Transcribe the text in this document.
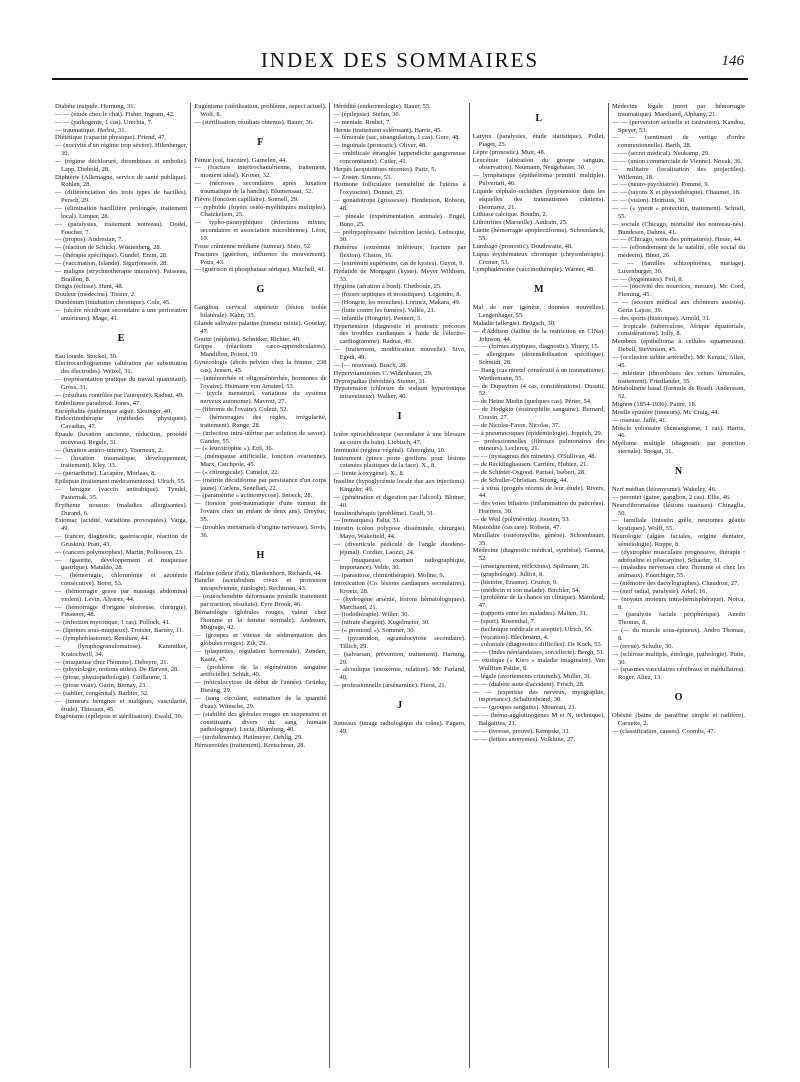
INDEX DES SOMMAIRES	146

Diabète insipide. Hornung, 31.

— — (étude chez le chat). Fisher, Ingram, 42.

— — (pathogénie, 1 cas). Urechia, 7.

— traumatique. Herbst, 31.

Diététique (capacité physique). Friend, 47.

— (nocivité d'un régime trop sévère). Hilenberger, 30.

— (régime déchloruré, thromboses et embolie). Lapp, Diebold, 28.

Diphtérie (Allemagne, service de santé publique). Rohlen, 28.

— (différenciation des trois types de bacilles). Persch, 29.

— (élimination bacillifère prolongée, traitement local). Limper, 28.

— (paralysies, traitement nouveau). Dodel, Foucher, 7.

— (propos). Andresian, 7.

— (réaction de Schick). Wüstenberg, 28.

— (thérapie spécifique). Gundel, Erzin, 28.

— (vaccination, Islande). Sigurjonsson, 28.

— maligne (strychnothérapie intensive). Paisseau, Braillon, 8.

Doigts (éclisse). Hunt, 48.

Douleur (médecine). Tissier, 2.

Duodénum (intubation chronique). Cole, 45.

— (ulcère récidivant secondaire à une perforation antérieure). Mage, 41.

E

Eau lourde. Stockel, 30.

Electrocardiogramme (altération par substitution des électrodes). Weizel, 31.

— (représentation pratique du travail quantitatif). Gross, 31.

— (résultats contrôlés par l'autopsie). Radnai, 49.

Embolisme paradoxal. Jones, 47.

Encéphalite épidémique aiguë. Slesinger, 40.

Endocrinothérapie (méthodes physiques). Cavadias, 47.

Épaule (luxation ancienne, réduction, procédé nouveau). Regele, 31.

— (luxation antéro-interne). Tourneux, 2.

— (luxation traumatique, développement, traitement). Kley, 33.

— (périarthrite). Lacapère, Morlaas, 8.

Épilepsie (traitement médicamenteux). Ulrich, 55.

— bénigne (vaccin antirabique). Tyndel, Pasternak, 35.

Érythème noueux (maladies allergisantes). Durand, 6.

Estomac (acidité, variations provoquées). Varga, 49.

— (cancer, diagnostic, gastroscopie, réaction de Gruskin). Pratt, 43.

— (cancers polymorphes). Martin, Pollosson, 23.

— (gastrite, développement et muqueuse gastrique). Mataldo, 28.

— (hémorragie, chlorurémie et azotémie consécutive). Borst, 53.

— (hémorragie grave par massage abdominal violent). Levin, Alvarez, 44.

— (hémorragie d'origine ulcéreuse, chirurgie). Finsterer, 48.

— (infection mycotique, 1 cas). Pollock, 41.

— (lipomes sous-muqueux). Troisier, Bariéty, 11.

— (lymphoblastome). Renshaw, 44.

— (lymphogranulomatose). Kammiker, Kratochwill, 34.

— (muqueuse chez l'homme). Debeyre, 21.

— (physiologie, notions utiles). De Harven, 28.

— (ptose, physiopathologie). Guillaume, 3.

— (ptose vraie). Garin, Bernay, 23.

— (sablier, congénital). Barbier, 32.

— (tumeurs bénignes et malignes, vascularité, étude). Thiessen, 45.

Eugénisme (épilepsie et stérilisation). Ewald, 30.

Eugénisme (stérilisation, problème, aspect actuel). Wolf, 8.

— (stérilisation, résultats obtenus). Bauer, 36.

F

Fémur (col, fracture). Garnelen, 44.

— (fracture intertrochantérienne, traitement, moment idéal). Kroner, 32.

— (nécroses secondaires après luxation traumatique de la hanche). Blumensaat, 32.

Fièvre (fonction capillaire). Sonnell, 29.

— typhoïde (foyers ostéo-myélitiques multiples). Chatzkelson, 25.

— typho-paratyphiques (infections mixtes, secondaires et association microbienne). Léon, 19.

Fosse crânienne médiane (tumeur). Sisto, 52.

Fractures (guérison, influence du mouvement). Potts, 43.

— (guérison et phosphatase sérique). Mitchell, 41.

G

Ganglion cervical supérieur (lésion isolée bilatérale). Kahn, 35.

Glande salivaire palatine (tumeur mixte). Gourlay, 47.

Goutte (néphrite). Schnitker, Richter, 40.

Grippe (réactions cæco-appendiculaires). Mandillon, Poinot, 19.

Gynécologie (abcès pelvien chez la femme, 238 cas). Jensen, 45.

— (aménorrhée et oligoménorrhée, hormones de l'ovaire). Heimann von Amsteel, 53.

— (cycle menstruel, variations du système nerveux autonome). Mavroti, 27.

— (fibrome de l'ovaire). Coletti, 52.

— (hémorragies des règles, irrégularité, traitement). Runge, 28.

— (infection intra-utérine par solution de savon). Gander, 55.

— (« leucotrophie »). Ertl, 36.

— (ménopause artificielle, fonction ovarienne). Marx, Catchpole, 45.

— (« chirurgicale). Camelot, 22.

— (métrite décidiforme par persistance d'un corps jaune). Carlens, Senellart, 22.

— (paramétrite « actinomycose). Snoeck, 28.

— (torsion post-traumatique d'une tumeur de l'ovaire chez un enfant de deux ans). Dreyfus, 55.

— (troubles menstruels d'origine nerveuse). Sovis, 36.

H

Haleine (odeur d'ail). Blankenhorn, Richards, 44.

Hanche (acetabulum creux et protrusion intrapelvienne, étiologie). Rechtman, 43.

— (ostéochondrite déformante juvénile traitement par traction, résultats). Eyre Brook, 46.

Hématologie (globules rouges, valeur chez l'homme et la femme normale). Andresen, Mugrage, 42.

— (groupes et vitesse de sédimentation des globules rouges). Zik, 29.

— (plaquettes, régulation hormonale). Zonden, Kaatz, 47.

— (problème de la régénération sanguine artificielle). Schidt, 40.

— (réticulocytose du début de l'année). Grünke, Biesing, 29.

— (sang circulant, estimation de la quantité d'eau). Wünsche, 29.

— (stabilité des globules rouges en suspension et constituants divers du sang humain pathologique). Lucia, Blumberg, 40.

— (urobilinémie). Heilmeyer, Oehlig, 29.

Hémorroïdes (traitement). Kretschmer, 28.

Hérédité (endocrinologie). Bauer, 55.

— (épilepsie). Stefan, 30.

— mentale. Rodiet, 7.

Hernie (traitement sclérosant). Harris, 45.

— fémorale (sac, strangulation, 1 cas). Gore, 48.

— inguinale (pronostic). Oliver, 48.

— ombilicale étranglée (appendicite gangreneuse concomitante). Cutler, 41.

Herpès (acquisitions récentes). Pattz, 5.

— Zoster. Simons, 53.

Hormone folliculaire (sensibilité de l'utérus à l'oxytocine). Donnet, 25.

— gonadotrope (grossesse). Henderson, Robson, 48.

— pinéale (expérimentation animale). Engel, Buno, 25.

— préhypophysaire (sécrétion lactée). Leducque, 30.

Humérus (extrémité inférieure, fracture par flexion). Chatos, 16.

— (extrémité supérieure, cas de kystes). Guyot, 9.

Hydatide de Morgagni (kyste). Meyer Wildisen, 33.

Hygiène (aération à bord). Chetboule, 25.

— (fosses septiques et moustiques). Legendre, 8.

— (Hongrie, les mouches). Lorincz, Makara, 49.

— (lutte contre les fumées). Vallée, 21.

— infantile (Hongrie). Pennert, 3.

Hypertension (diagnostic et pronostic précoces des troubles cardiaques à l'aide de l'électro-cardiogramme). Radnai, 49.

— (traitement, modification nouvelle). Sivo, Egedi, 49.

— (— nouveau). Busch, 28.

Hypervitaminoses C. Widenbauer, 29.

Hypospadias (hérédité). Steiner, 31.

Hypotension (chlorure de sodium hypertonique intraveineux). Walker, 46.

I

Ictère spirochétosique (secondaire à une blessure au cours du bain). Liebisch, 47.

Immunité (régime végétal). Gheorghiu, 10.

Instrument (pince porte greffons pour lésions cutanées plastiques de la face). X., 8.

— (tente à oxygène). X., 8.

Insuline (hypoglycémie locale due aux injections). Kingzler, 49.

— (pénétration et digestion par l'alcool). Blotner, 40.

Insulinothérapie (problème). Graff, 31.

— (remarques). Falta, 31.

Intestin (colon polypose disséminée, chirurgie). Mayo, Wakefield, 44.

— (diverticule pédiculé de l'angle duodéno-jéjunal). Cordier, Laozzi, 24.

— (muqueuse, examen radiographique, importance). Velde, 30.

— (parasitose, chimiothérapie). Moline, 9.

Intoxication (Co. lésions cardiaques secondaires). Kroetz, 28.

— (hydrogène arsénié, lésions hématologiques). Marchand, 21.

— (iodothérapie). Willer, 30.

— (nitrate d'argent). Kugelmeier, 30.

— (« prontosil »). Sommer, 30.

— (pyramidon, agranulocytose secondaire). Tillich, 29.

— (salvarsan, prévention, traitement). Hartung, 29.

— alcoolique (anoxémie, relation). Mc Farland, 40.

— professionnelle (arsénamine). Fierst, 21.

J

Jumeaux (image radiologique du crâne). Fagaro, 49.

L

Larynx (paralysies, étude statistique). Pollet, Piaget, 23.

Lèpre (pronostic). Muir, 48.

Leucémie (altération du groupe sanguin, observation). Neumann, Neugebauer, 30.

— lymphatique (épithélioma primitif multiple). Pulvertaft, 46.

Liquide céphalo-rachidien (hypotension dans les séquelles des traumatismes crâniens). Desmarez, 21.

Lithiase calcique. Boudin, 2.

Lithotrities (Marseille). Audrain, 25.

Luette (hémorragie apoplectiforme). Schoenlanck, 55.

Lumbago (pronostic). Douthwaite, 48.

Lupus érythémateux chronique (chrysothérapie). Cremer, 53.

Lymphadénome (vaccinothérapie). Warner, 48.

M

Mal de mer (génèse, données nouvelles). Lengenhager, 55.

Maladie (allergie). Brügsch, 30.

— d'Addison (faillite de la restriction en ClNa). Johnson, 44.

— — (formes atypiques, diagnostic). Thiery, 15.

— allergiques (désensibilisation spécifique). Schmidt, 28.

— Bang (cas mortel consécutif à un traumatisme). Werthemann, 55.

— de Dupuytren (4 cas, considérations). Dusatti, 52.

— de Heine Medin (quelques cas). Périer, 54.

— de Hodgkin (éosinophilie sanguine). Bernard, Cousin, 27.

— de Nicolas-Favre. Nicolas, 37.

— à pneumocoques (épidémiologie). Joppich, 29.

— professionnelles (fibroses pulmonaires des mineurs). Leclercq, 21.

— — (nystagmus des mineurs). O'Sullivan, 48.

— de Recklinghausen. Carrière, Hubiez, 21.

— de Schinter-Osgood. Parisel, Isebert, 28.

— de Schuller-Christian. Strong, 44.

— à virus (progrès récents de leur étude). Rivers, 44.

— des voies biliaires (inflammation du pancréas). Hoerters, 30.

— de Weil (polynévrite). Joosten, 53.

Mastoïdite (cas rare). Robson, 47.

Maxillaire (ostéomyélite, génèse). Schoenbauer, 35.

Médecine (diagnostic médical, synthèse). Gamna, 52.

— (enseignement, réflexions). Spilmann, 26.

— (graphologie). Julliot, 8.

— (histoire, Erasme). Cruzon, 9.

— (médecin et son malade). Birchler, 54.

— (problème de la chance en clinique). Mainland, 47.

— (rapports entre les maladies). Malten, 31.

— (sport). Rosenthal, 7.

— (technique médicale et aseptie). Ulrich, 55.

— (vocation). Blechmann, 4.

— coloniale (diagnostics difficiles). De Kock, 53.

— — (Indes néerlandaises, sorcellerie). Bergh, 51.

— exotique (« Koro » maladie imaginaire). Van Wulfften Palthe, 8.

— légale (avortements criminels). Muller, 31.

— — (diabète suite d'accident). Frisch, 28.

— — (expertise des nerveux, myographie, importance). Schaltenbrand, 30.

— — (groupes sanguins). Moureau, 21.

— — (hémo-agglutinogènes M et N, technique). Balgairies, 21.

— — (ivresse, preuve). Kempski, 31.

— — (lettres anonymes). Volkhine, 27.

Médecine légale (mort par hémorragie traumatique). Marchand, Alphany, 21.

— — (perversion sexuelle et castration). Kandou, Speyer, 53.

— — (sentiment de vertige d'ordre commotionnelle). Barth, 28.

— — (secret médical). Neukamp, 29.

— — (union commerciale de Vienne). Novak, 36.

— militaire (localisation des projectiles). Willemin, 18.

— — (neuro-psychiatrie). Pommé, 9.

— — (rayons X et physiothérapie). Chaumet, 18.

— — (vision). Heinsius, 30.

— — (« yperit » protection, traitement). Schrafl, 55.

— sociale (Chicago, mortalité des nouveau-nés). Bundesen, Dahms, 41.

— — (Chicago, soins des prématurés). Hesse, 44.

— — (effondrement de la natalité, rôle social du médecin). Binet, 26.

— — (familles schizophrènes, mariage). Luxenburger, 30.

— — (hygiénistes). Feil, 8.

— — (nocivité des nourrices, mesure). Mc Cord, Fleming, 45.

— — (secours médical aux chômeurs assistés). Gerin Lajoie, 39.

— des sports (historique). Arnold, 31.

— tropicale (tuberculose, Afrique équatoriale, considérations). Jolly, 8.

Membres (épithélioma à cellules squameuses). Debell, Stevenson, 45.

— (occlusion subite artérielle). Mc Kenzie, Allen, 45.

— inférieur (thromboses des veines fémorales, traitement). Friedlander, 35.

Métabolisme basal (formule de Read). Andersson, 52.

Mignon (1854-1936). Paitre, 18.

Moelle épinière (tumeurs). Mc Craig, 44.

— osseuse. Jaffé, 41.

Muscle volontaire (hémangiome, 1 cas). Harris, 46.

Myélome multiple (diagnostic par ponction sternale). Snogat, 31.

N

Nerf médian (léiomyome). Wakeley, 46.

— peronier (gaine, ganglion, 2 cas). Ellis, 46.

Neurofibromatose (lésions osseuses). Chinaglia, 50.

— familiale (intestin grêle, neuromes géants kystiques). Wolff, 55.

Neurologie (algies faciales, origine dentaire, séméiologie). Ruppe, 8.

— (dystrophie musculaire progressive, thérapie : adrénaline et pilocarpine). Schaefer, 31.

— (maladies nerveuses chez l'homme et chez les animaux). Frauchiger, 55.

— (mémoire des dactylographes). Chaudron, 27.

— (nerf radial, paralysie). Arkel, 16.

— (noyaux moteurs intra-hémisphérique). Noica, 8.

— (paralysie faciale périphérique). Anedo Thomas, 8.

— (— du muscle sous-épineux). Andro Thomas, 8.

— (revue). Schulte, 30.

— (sclérose multiple, étiologie, pathologie). Putte, 30.

— (spasmes vasculaires cérébraux et médullaires). Roger, Aliez, 13.

O

Obésité (bains de paraffine simple et radifère). Caruette, 2.

— (classification, causes). Coombs, 47.
